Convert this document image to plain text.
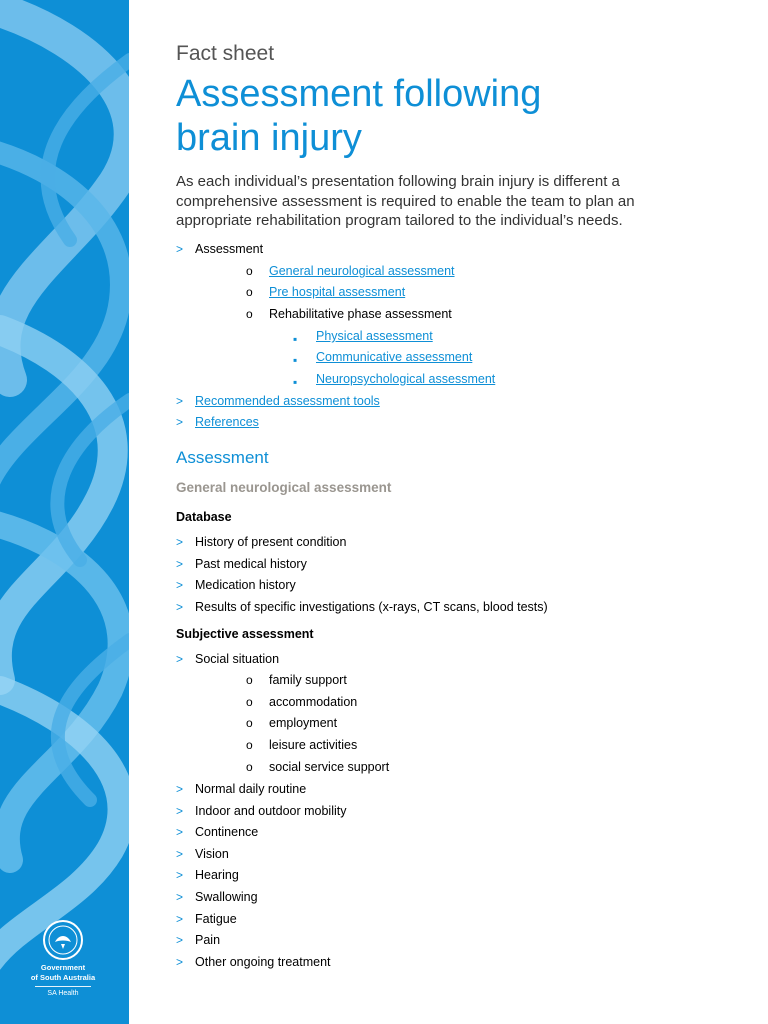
Government
of South Australia
SA Health
Fact sheet
Assessment following
brain injury
As each individual’s presentation following brain injury is different a comprehensive assessment is required to enable the team to plan an appropriate rehabilitation program tailored to the individual’s needs.
> Assessment
o General neurological assessment
o Pre hospital assessment
o Rehabilitative phase assessment
▪ Physical assessment
▪ Communicative assessment
▪ Neuropsychological assessment
> Recommended assessment tools
> References
Assessment
General neurological assessment
Database
> History of present condition
> Past medical history
> Medication history
> Results of specific investigations (x-rays, CT scans, blood tests)
Subjective assessment
> Social situation
o family support
o accommodation
o employment
o leisure activities
o social service support
> Normal daily routine
> Indoor and outdoor mobility
> Continence
> Vision
> Hearing
> Swallowing
> Fatigue
> Pain
> Other ongoing treatment
